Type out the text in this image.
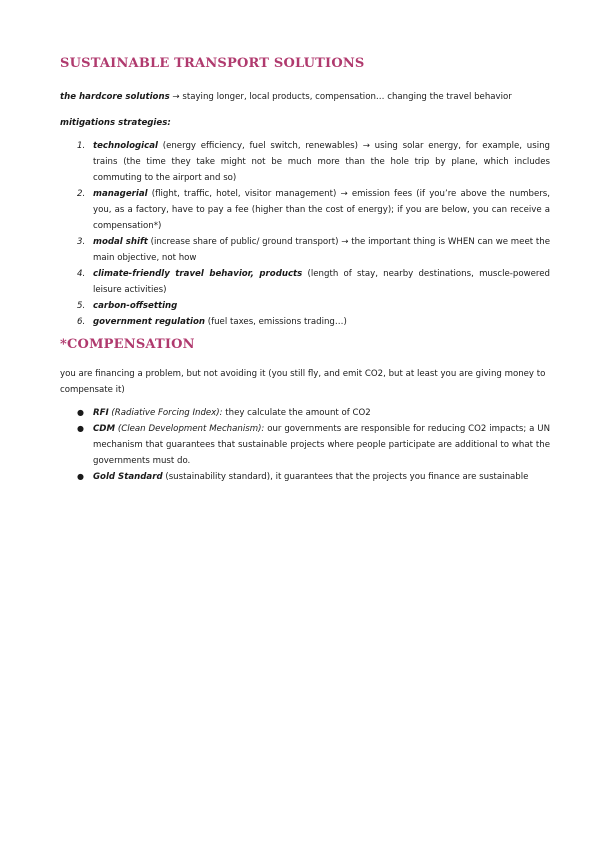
SUSTAINABLE TRANSPORT SOLUTIONS
the hardcore solutions → staying longer, local products, compensation… changing the travel behavior
mitigations strategies:
1. technological (energy efficiency, fuel switch, renewables) → using solar energy, for example, using trains (the time they take might not be much more than the hole trip by plane, which includes commuting to the airport and so)
2. managerial (flight, traffic, hotel, visitor management) → emission fees (if you’re above the numbers, you, as a factory, have to pay a fee (higher than the cost of energy); if you are below, you can receive a compensation*)
3. modal shift (increase share of public/ ground transport) → the important thing is WHEN can we meet the main objective, not how
4. climate-friendly travel behavior, products (length of stay, nearby destinations, muscle-powered leisure activities)
5. carbon-offsetting
6. government regulation (fuel taxes, emissions trading…)
*COMPENSATION
you are financing a problem, but not avoiding it (you still fly, and emit CO2, but at least you are giving money to compensate it)
● RFI (Radiative Forcing Index): they calculate the amount of CO2
● CDM (Clean Development Mechanism): our governments are responsible for reducing CO2 impacts; a UN mechanism that guarantees that sustainable projects where people participate are additional to what the governments must do.
● Gold Standard (sustainability standard), it guarantees that the projects you finance are sustainable
